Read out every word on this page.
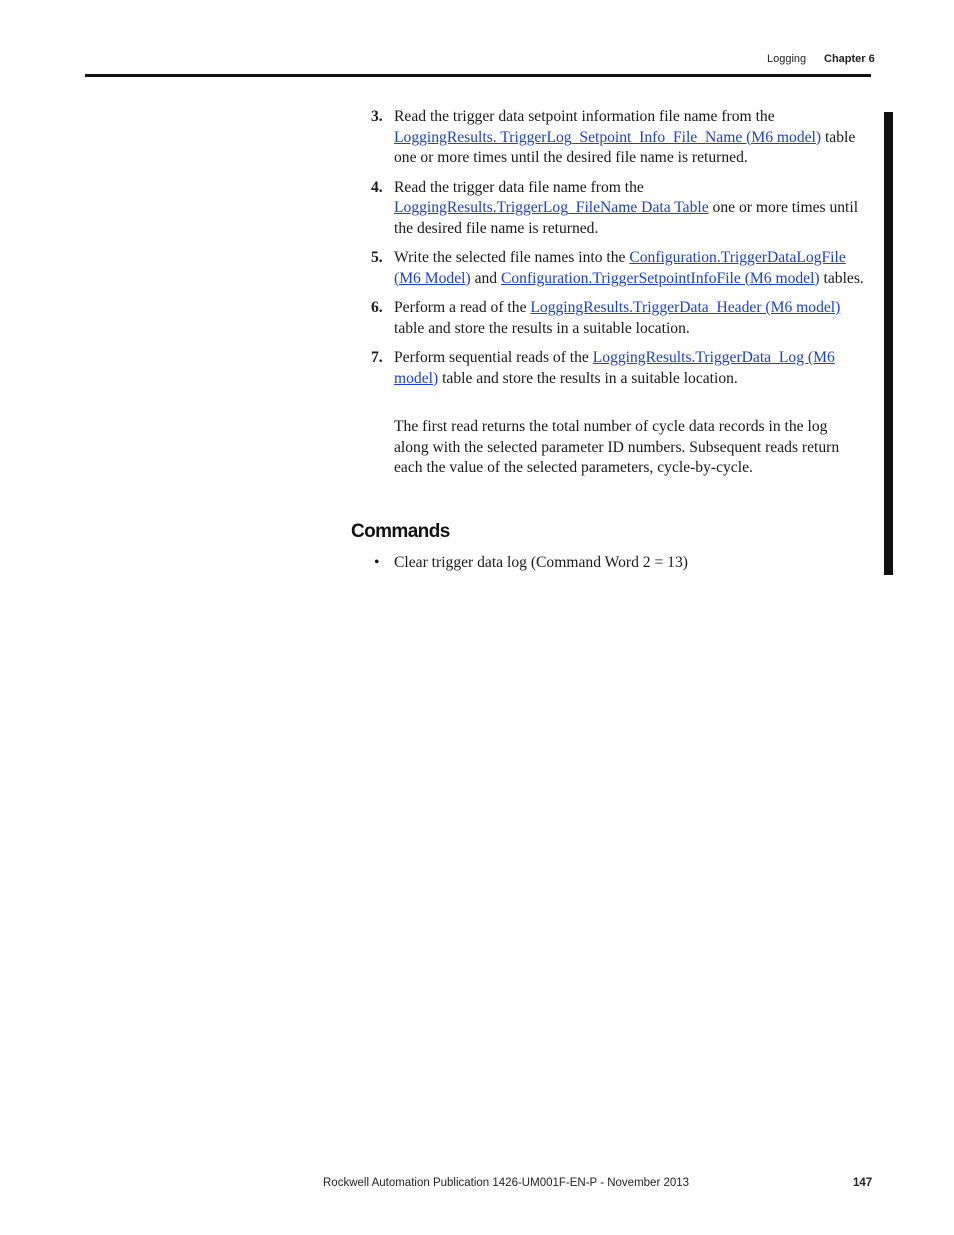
Logging Chapter 6
3. Read the trigger data setpoint information file name from the LoggingResults. TriggerLog_Setpoint_Info_File_Name (M6 model) table one or more times until the desired file name is returned.
4. Read the trigger data file name from the LoggingResults.TriggerLog_FileName Data Table one or more times until the desired file name is returned.
5. Write the selected file names into the Configuration.TriggerDataLogFile (M6 Model) and Configuration.TriggerSetpointInfoFile (M6 model) tables.
6. Perform a read of the LoggingResults.TriggerData_Header (M6 model) table and store the results in a suitable location.
7. Perform sequential reads of the LoggingResults.TriggerData_Log (M6 model) table and store the results in a suitable location.

The first read returns the total number of cycle data records in the log along with the selected parameter ID numbers. Subsequent reads return each the value of the selected parameters, cycle-by-cycle.

Commands
• Clear trigger data log (Command Word 2 = 13)
Rockwell Automation Publication 1426-UM001F-EN-P - November 2013	147
